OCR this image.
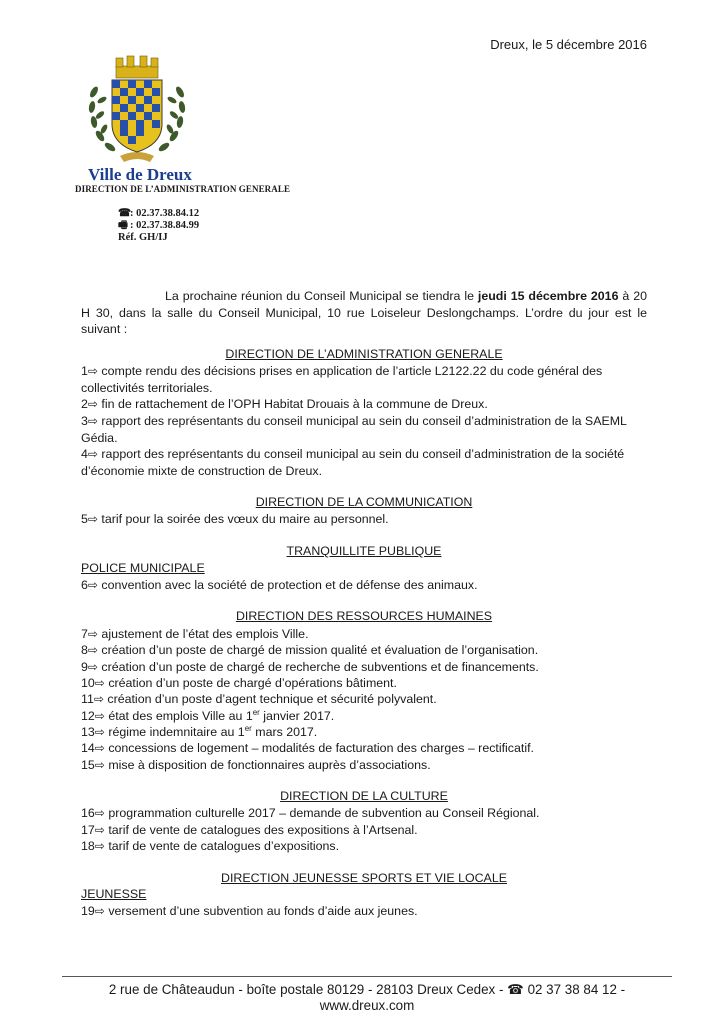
Dreux, le 5 décembre 2016
Ville de Dreux
DIRECTION DE L’ADMINISTRATION GENERALE
☎: 02.37.38.84.12
🖷 : 02.37.38.84.99
Réf. GH/IJ

La prochaine réunion du Conseil Municipal se tiendra le jeudi 15 décembre 2016 à 20 H 30, dans la salle du Conseil Municipal, 10 rue Loiseleur Deslongchamps. L’ordre du jour est le suivant :

DIRECTION DE L’ADMINISTRATION GENERALE
1⇨ compte rendu des décisions prises en application de l’article L2122.22 du code général des collectivités territoriales.
2⇨ fin de rattachement de l’OPH Habitat Drouais à la commune de Dreux.
3⇨ rapport des représentants du conseil municipal au sein du conseil d’administration de la SAEML Gédia.
4⇨ rapport des représentants du conseil municipal au sein du conseil d’administration de la société d’économie mixte de construction de Dreux.
DIRECTION DE LA COMMUNICATION
5⇨ tarif pour la soirée des vœux du maire au personnel.
TRANQUILLITE PUBLIQUE
POLICE MUNICIPALE
6⇨ convention avec la société de protection et de défense des animaux.
DIRECTION DES RESSOURCES HUMAINES
7⇨ ajustement de l’état des emplois Ville.
8⇨ création d’un poste de chargé de mission qualité et évaluation de l’organisation.
9⇨ création d’un poste de chargé de recherche de subventions et de financements.
10⇨ création d’un poste de chargé d’opérations bâtiment.
11⇨ création d’un poste d’agent technique et sécurité polyvalent.
12⇨ état des emplois Ville au 1er janvier 2017.
13⇨ régime indemnitaire au 1er mars 2017.
14⇨ concessions de logement – modalités de facturation des charges – rectificatif.
15⇨ mise à disposition de fonctionnaires auprès d’associations.
DIRECTION DE LA CULTURE
16⇨ programmation culturelle 2017 – demande de subvention au Conseil Régional.
17⇨ tarif de vente de catalogues des expositions à l’Artsenal.
18⇨ tarif de vente de catalogues d’expositions.
DIRECTION JEUNESSE SPORTS ET VIE LOCALE
JEUNESSE
19⇨ versement d’une subvention au fonds d’aide aux jeunes.
2 rue de Châteaudun - boîte postale 80129 - 28103 Dreux Cedex - ☎ 02 37 38 84 12 - www.dreux.com
